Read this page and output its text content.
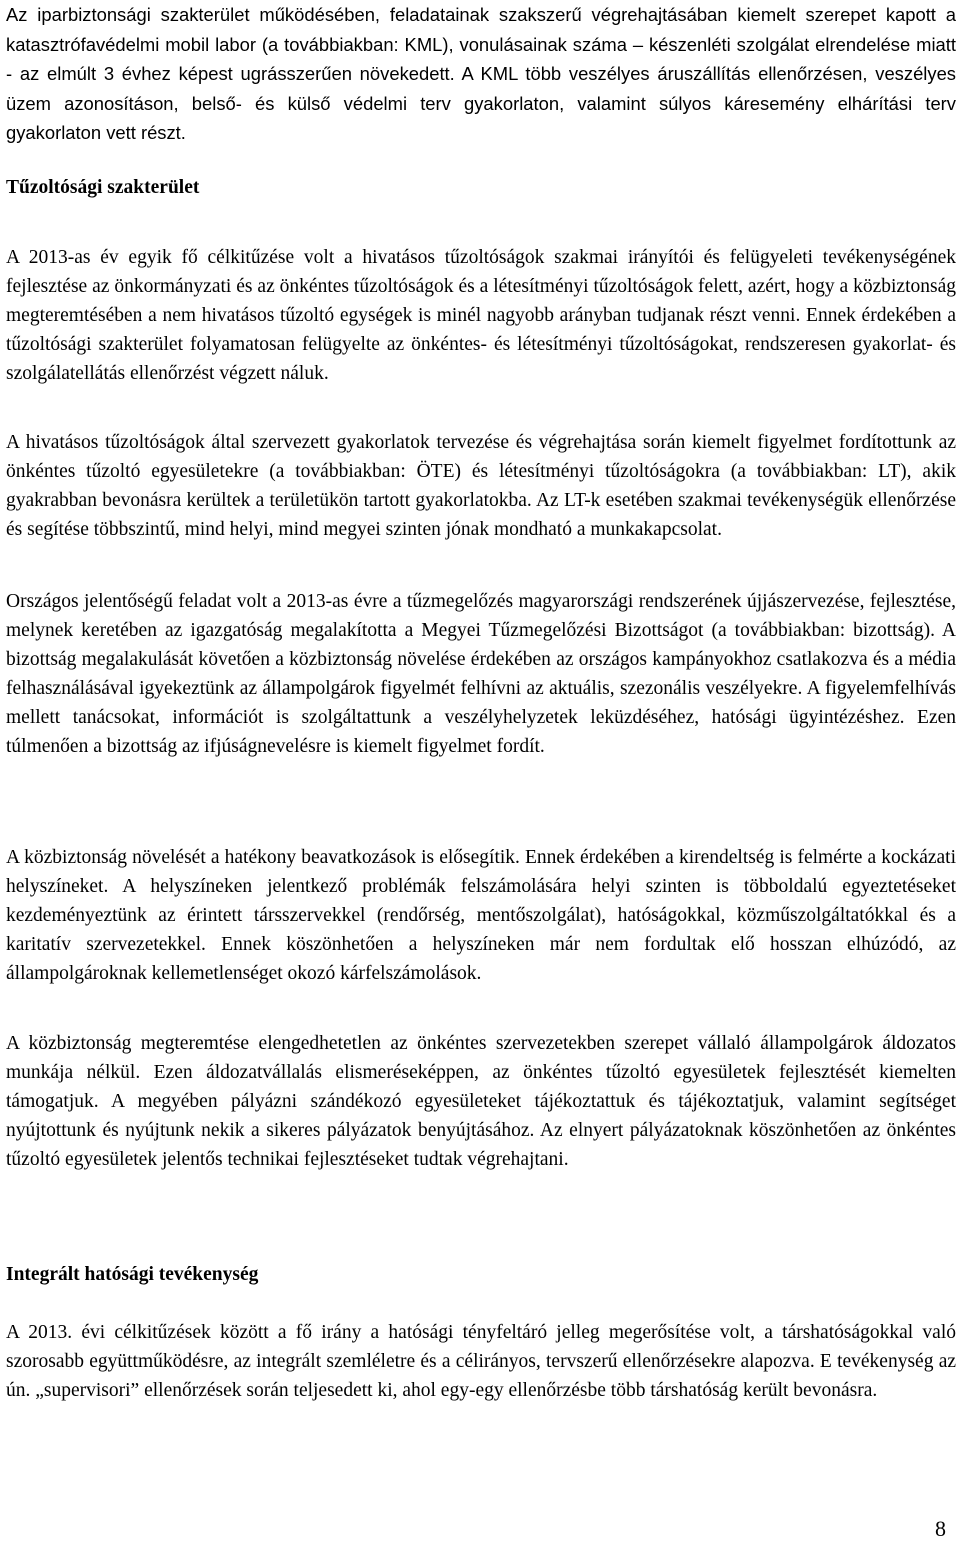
Az iparbiztonsági szakterület működésében, feladatainak szakszerű végrehajtásában kiemelt szerepet kapott a katasztrófavédelmi mobil labor (a továbbiakban: KML), vonulásainak száma – készenléti szolgálat elrendelése miatt - az elmúlt 3 évhez képest ugrásszerűen növekedett. A KML több veszélyes áruszállítás ellenőrzésen, veszélyes üzem azonosításon, belső- és külső védelmi terv gyakorlaton, valamint súlyos káresemény elhárítási terv gyakorlaton vett részt.

Tűzoltósági szakterület

A 2013-as év egyik fő célkitűzése volt a hivatásos tűzoltóságok szakmai irányítói és felügyeleti tevékenységének fejlesztése az önkormányzati és az önkéntes tűzoltóságok és a létesítményi tűzoltóságok felett, azért, hogy a közbiztonság megteremtésében a nem hivatásos tűzoltó egységek is minél nagyobb arányban tudjanak részt venni. Ennek érdekében a tűzoltósági szakterület folyamatosan felügyelte az önkéntes- és létesítményi tűzoltóságokat, rendszeresen gyakorlat- és szolgálatellátás ellenőrzést végzett náluk.

A hivatásos tűzoltóságok által szervezett gyakorlatok tervezése és végrehajtása során kiemelt figyelmet fordítottunk az önkéntes tűzoltó egyesületekre (a továbbiakban: ÖTE) és létesítményi tűzoltóságokra (a továbbiakban: LT), akik gyakrabban bevonásra kerültek a területükön tartott gyakorlatokba. Az LT-k esetében szakmai tevékenységük ellenőrzése és segítése többszintű, mind helyi, mind megyei szinten jónak mondható a munkakapcsolat.

Országos jelentőségű feladat volt a 2013-as évre a tűzmegelőzés magyarországi rendszerének újjászervezése, fejlesztése, melynek keretében az igazgatóság megalakította a Megyei Tűzmegelőzési Bizottságot (a továbbiakban: bizottság). A bizottság megalakulását követően a közbiztonság növelése érdekében az országos kampányokhoz csatlakozva és a média felhasználásával igyekeztünk az állampolgárok figyelmét felhívni az aktuális, szezonális veszélyekre. A figyelemfelhívás mellett tanácsokat, információt is szolgáltattunk a veszélyhelyzetek leküzdéséhez, hatósági ügyintézéshez. Ezen túlmenően a bizottság az ifjúságnevelésre is kiemelt figyelmet fordít.

A közbiztonság növelését a hatékony beavatkozások is elősegítik. Ennek érdekében a kirendeltség is felmérte a kockázati helyszíneket. A helyszíneken jelentkező problémák felszámolására helyi szinten is többoldalú egyeztetéseket kezdeményeztünk az érintett társszervekkel (rendőrség, mentőszolgálat), hatóságokkal, közműszolgáltatókkal és a karitatív szervezetekkel. Ennek köszönhetően a helyszíneken már nem fordultak elő hosszan elhúzódó, az állampolgároknak kellemetlenséget okozó kárfelszámolások.

A közbiztonság megteremtése elengedhetetlen az önkéntes szervezetekben szerepet vállaló állampolgárok áldozatos munkája nélkül. Ezen áldozatvállalás elismeréseképpen, az önkéntes tűzoltó egyesületek fejlesztését kiemelten támogatjuk. A megyében pályázni szándékozó egyesületeket tájékoztattuk és tájékoztatjuk, valamint segítséget nyújtottunk és nyújtunk nekik a sikeres pályázatok benyújtásához. Az elnyert pályázatoknak köszönhetően az önkéntes tűzoltó egyesületek jelentős technikai fejlesztéseket tudtak végrehajtani.

Integrált hatósági tevékenység

A 2013. évi célkitűzések között a fő irány a hatósági tényfeltáró jelleg megerősítése volt, a társhatóságokkal való szorosabb együttműködésre, az integrált szemléletre és a célirányos, tervszerű ellenőrzésekre alapozva. E tevékenység az ún. „supervisori” ellenőrzések során teljesedett ki, ahol egy-egy ellenőrzésbe több társhatóság került bevonásra.

8
